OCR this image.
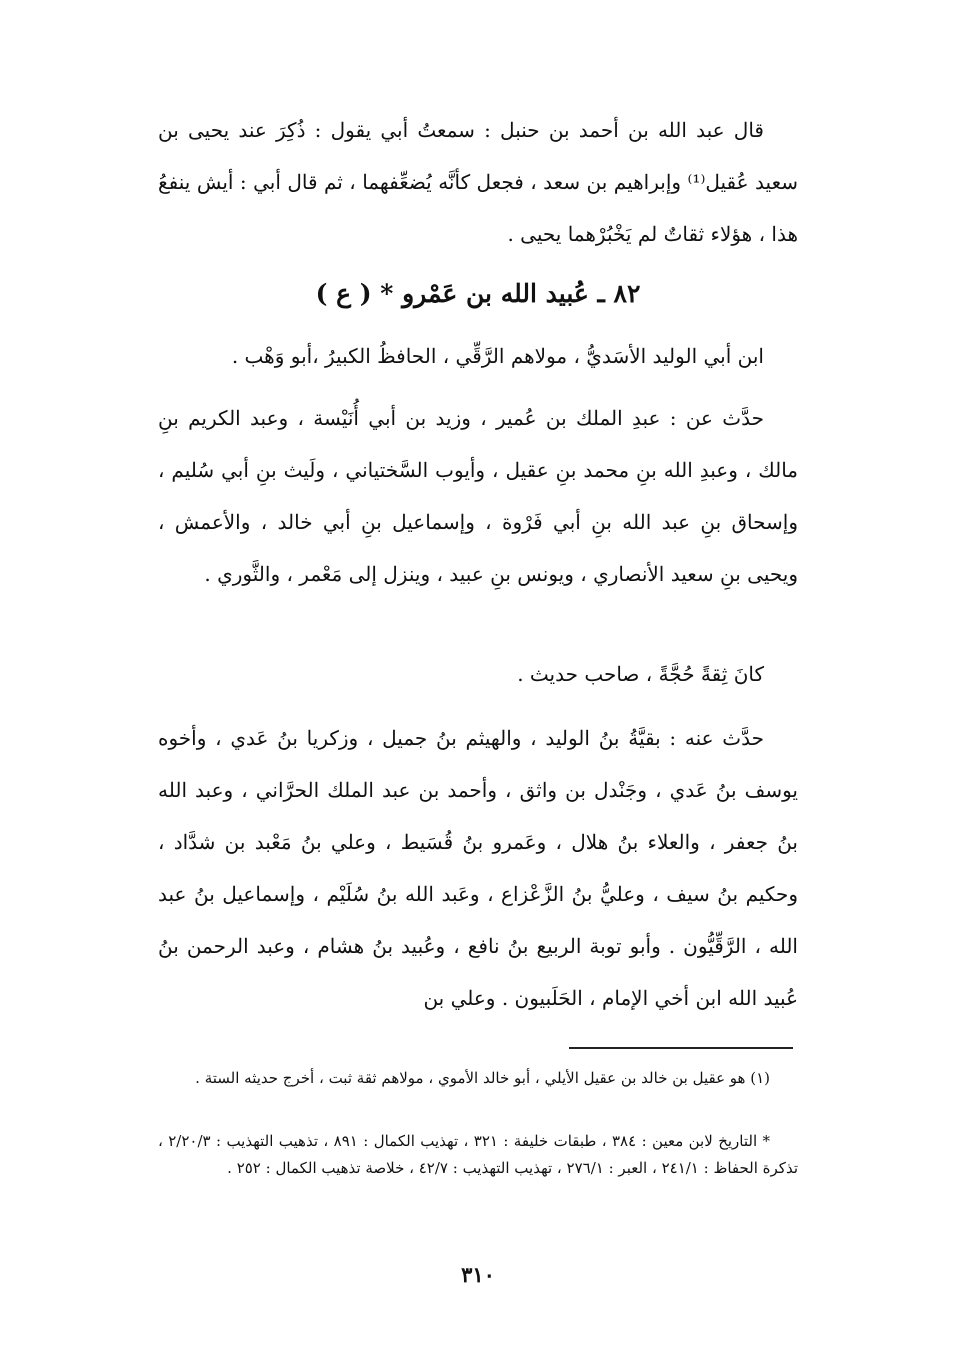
قال عبد الله بن أحمد بن حنبل : سمعتُ أبي يقول : ذُكِرَ عند يحيى بن سعيد عُقيل⁽¹⁾ وإبراهيم بن سعد ، فجعل كأنَّه يُضعِّفهما ، ثم قال أبي : أيش ينفعُ هذا ، هؤلاء ثقاتٌ لم يَخْبُرْهما يحيى .

٨٢ ـ عُبيد الله بن عَمْرو * ( ع )

ابن أبي الوليد الأسَديُّ ، مولاهم الرَّقِّي ، الحافظُ الكبيرُ ،أبو وَهْب .

حدَّث عن : عبدِ الملك بن عُمير ، وزيد بن أبي أُنَيْسة ، وعبد الكريم بنِ مالك ، وعبدِ الله بنِ محمد بنِ عقيل ، وأيوب السَّختياني ، ولَيث بنِ أبي سُليم ، وإسحاق بنِ عبد الله بنِ أبي فَرْوة ، وإسماعيل بنِ أبي خالد ، والأعمش ، ويحيى بنِ سعيد الأنصاري ، ويونس بنِ عبيد ، وينزل إلى مَعْمر ، والثَّوري .

كانَ ثِقةً حُجَّةً ، صاحب حديث .

حدَّث عنه : بقيَّةُ بنُ الوليد ، والهيثم بنُ جميل ، وزكريا بنُ عَدي ، وأخوه يوسف بنُ عَدي ، وجَنْدل بن واثق ، وأحمد بن عبد الملك الحرَّاني ، وعبد الله بنُ جعفر ، والعلاء بنُ هلال ، وعَمرو بنُ قُسَيط ، وعلي بنُ مَعْبد بن شدَّاد ، وحكيم بنُ سيف ، وعليُّ بنُ الزَّعْزاع ، وعَبد الله بنُ سُلَيْم ، وإسماعيل بنُ عبد الله ، الرَّقِّيُّون . وأبو توبة الربيع بنُ نافع ، وعُبيد بنُ هشام ، وعبد الرحمن بنُ عُبيد الله ابن أخي الإمام ، الحَلَبيون . وعلي بن

(١) هو عقيل بن خالد بن عقيل الأيلي ، أبو خالد الأموي ، مولاهم ثقة ثبت ، أخرج حديثه الستة .

* التاريخ لابن معين : ٣٨٤ ، طبقات خليفة : ٣٢١ ، تهذيب الكمال : ٨٩١ ، تذهيب التهذيب : ٢/٢٠/٣ ، تذكرة الحفاظ : ٢٤١/١ ، العبر : ٢٧٦/١ ، تهذيب التهذيب : ٤٢/٧ ، خلاصة تذهيب الكمال : ٢٥٢ .

٣١٠
